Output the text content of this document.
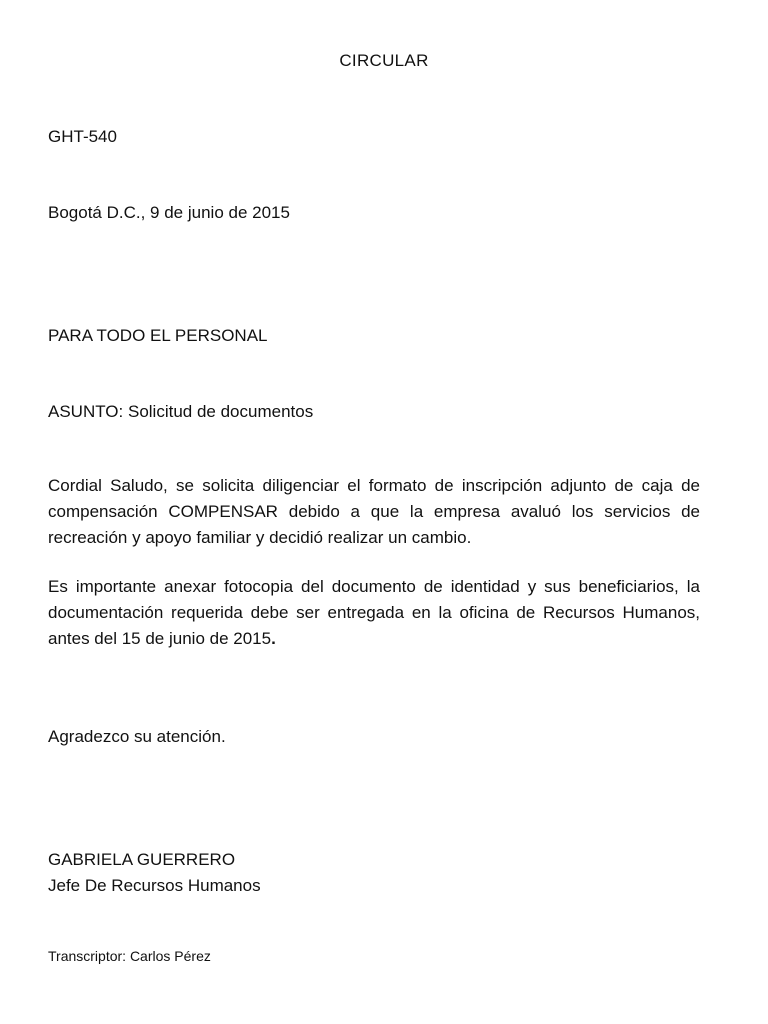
CIRCULAR
GHT-540
Bogotá D.C., 9 de junio de 2015
PARA TODO EL PERSONAL
ASUNTO: Solicitud de documentos
Cordial Saludo, se solicita diligenciar el formato de inscripción adjunto de caja de compensación COMPENSAR debido a que la empresa avaluó los servicios de recreación y apoyo familiar y decidió realizar un cambio.
Es importante anexar fotocopia del documento de identidad y sus beneficiarios, la documentación requerida debe ser entregada en la oficina de Recursos Humanos, antes del 15 de junio de 2015.
Agradezco su atención.
GABRIELA GUERRERO
Jefe De Recursos Humanos
Transcriptor: Carlos Pérez
